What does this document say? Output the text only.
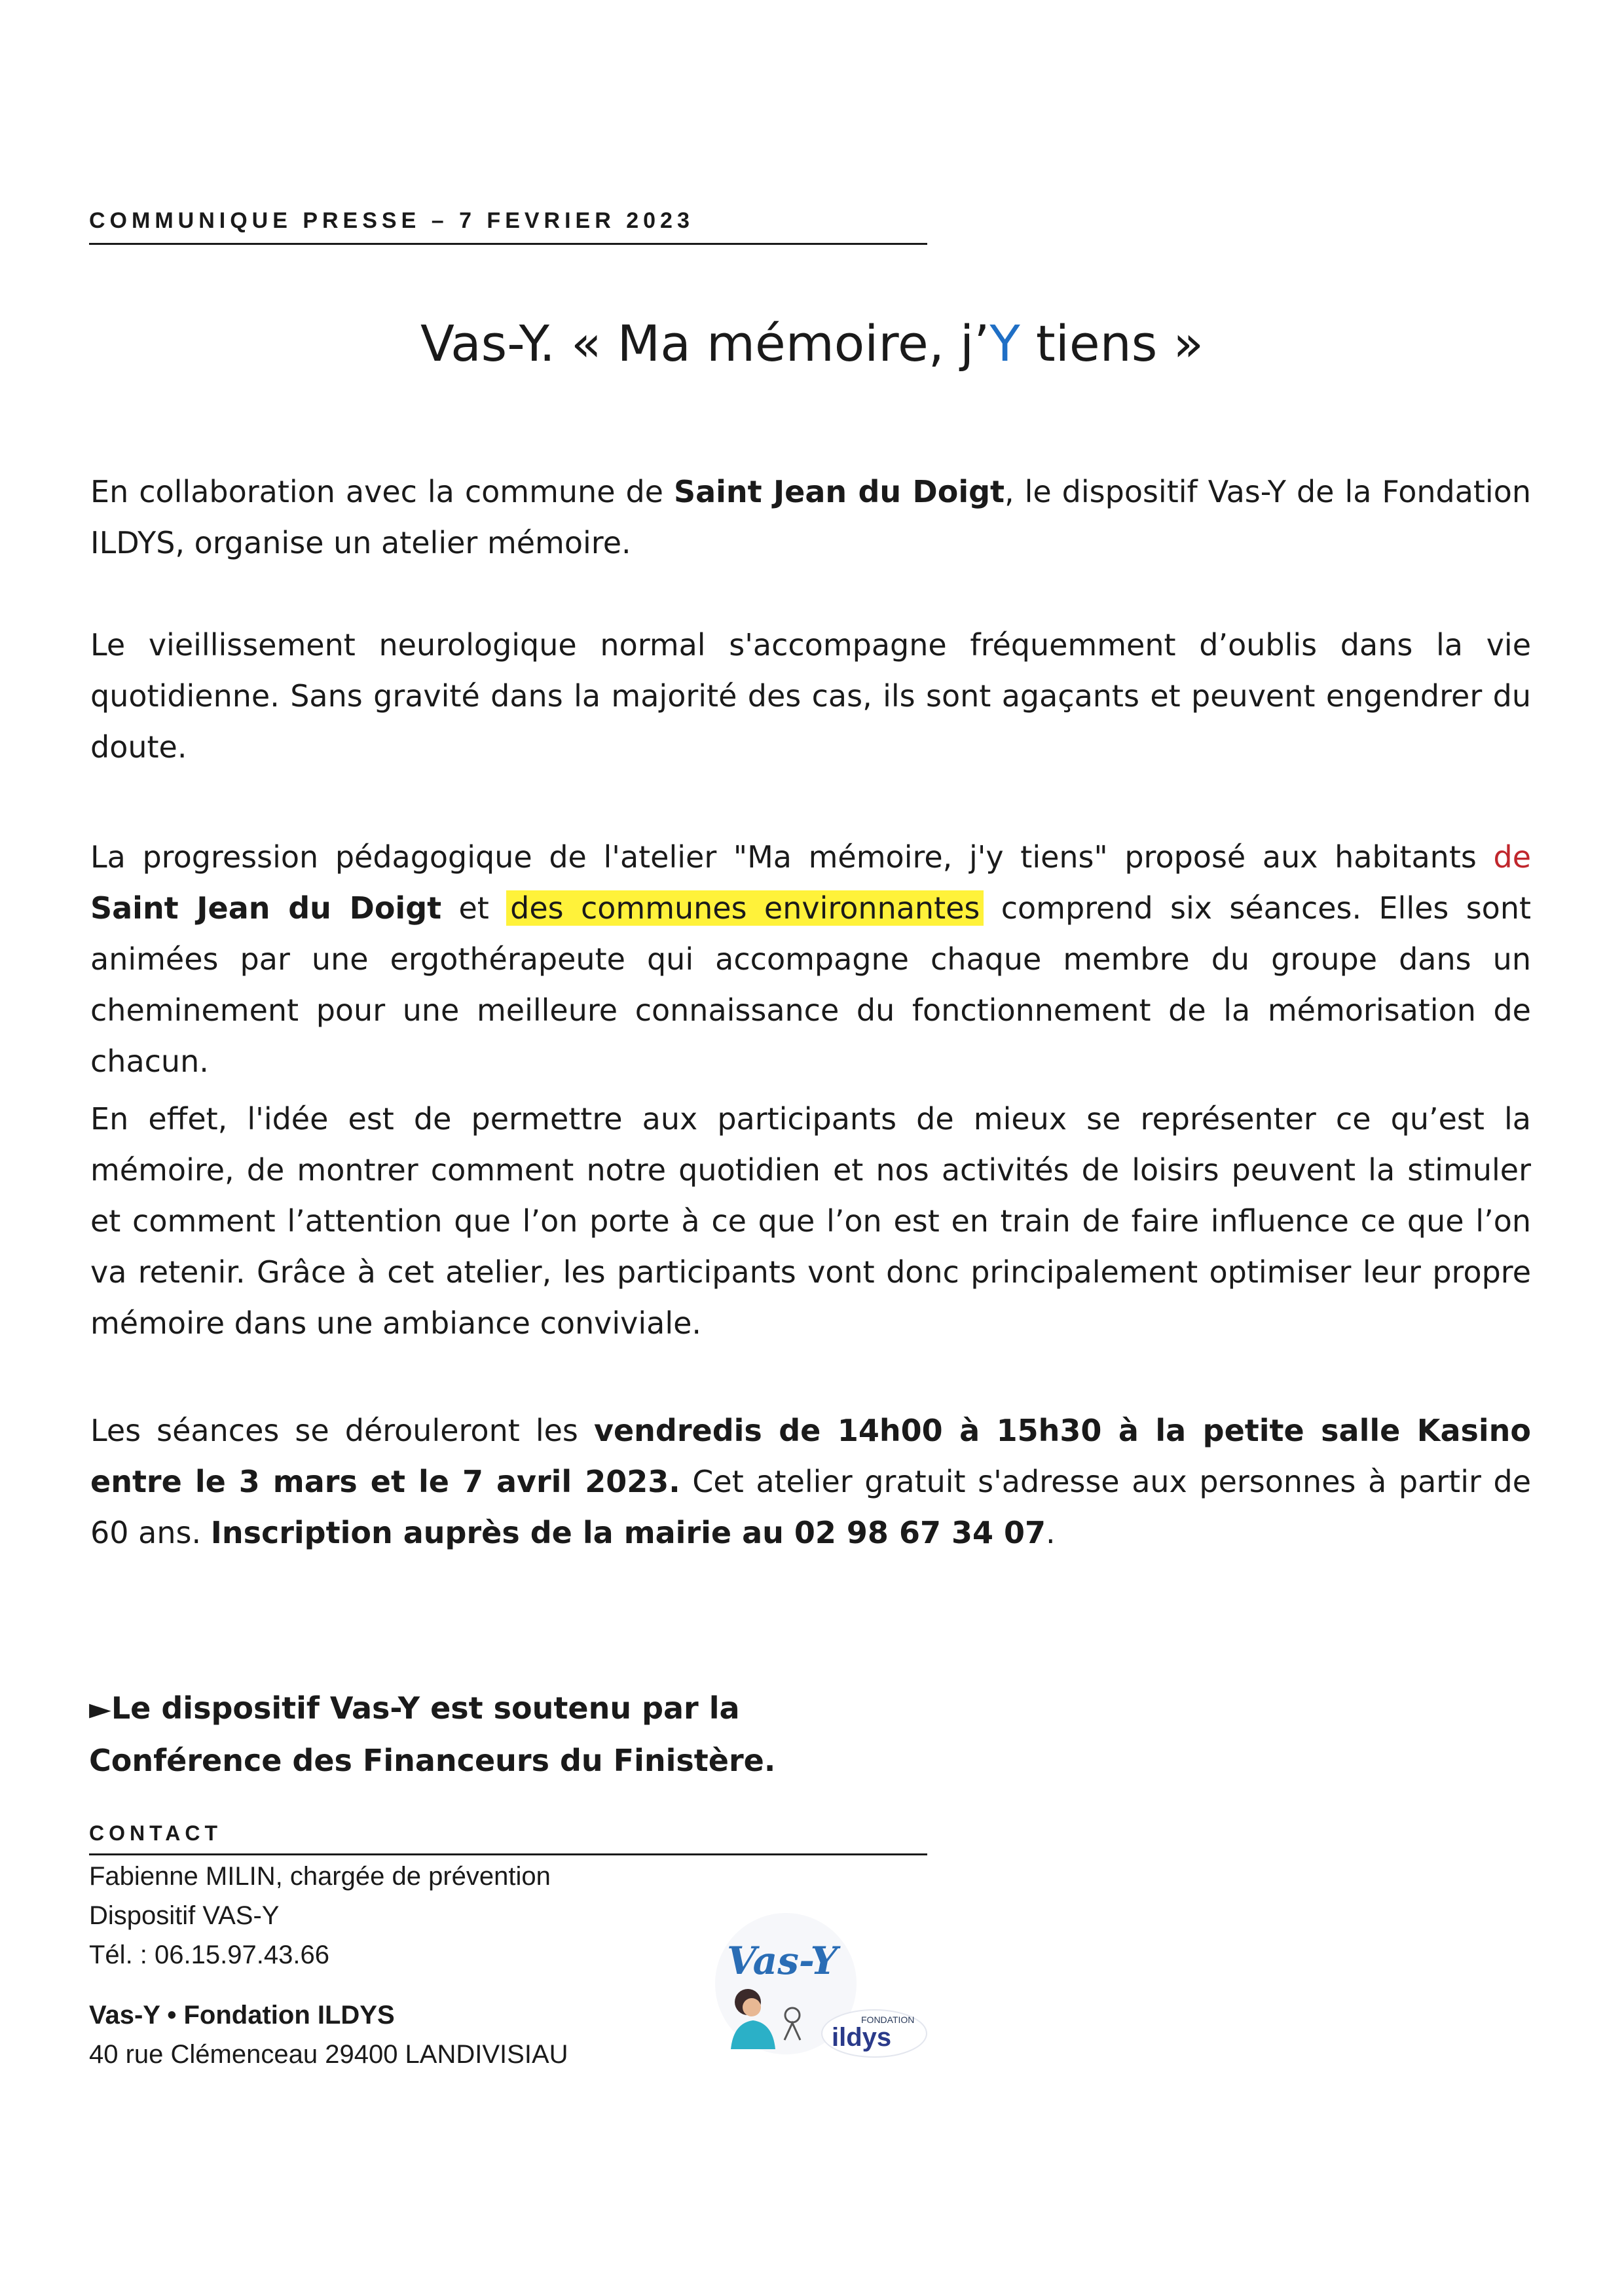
COMMUNIQUE PRESSE – 7 FEVRIER 2023
Vas-Y. « Ma mémoire, j’Y tiens »

En collaboration avec la commune de Saint Jean du Doigt, le dispositif Vas-Y de la Fondation ILDYS, organise un atelier mémoire.

Le vieillissement neurologique normal s'accompagne fréquemment d’oublis dans la vie quotidienne. Sans gravité dans la majorité des cas, ils sont agaçants et peuvent engendrer du doute.

La progression pédagogique de l'atelier "Ma mémoire, j'y tiens" proposé aux habitants de Saint Jean du Doigt et des communes environnantes comprend six séances. Elles sont animées par une ergothérapeute qui accompagne chaque membre du groupe dans un cheminement pour une meilleure connaissance du fonctionnement de la mémorisation de chacun.

En effet, l'idée est de permettre aux participants de mieux se représenter ce qu’est la mémoire, de montrer comment notre quotidien et nos activités de loisirs peuvent la stimuler et comment l’attention que l’on porte à ce que l’on est en train de faire influence ce que l’on va retenir. Grâce à cet atelier, les participants vont donc principalement optimiser leur propre mémoire dans une ambiance conviviale.

Les séances se dérouleront les vendredis de 14h00 à 15h30 à la petite salle Kasino entre le 3 mars et le 7 avril 2023. Cet atelier gratuit s'adresse aux personnes à partir de 60 ans. Inscription auprès de la mairie au 02 98 67 34 07.

►Le dispositif Vas-Y est soutenu par la Conférence des Financeurs du Finistère.
CONTACT
Fabienne MILIN, chargée de prévention
Dispositif VAS-Y
Tél. : 06.15.97.43.66
Vas-Y • Fondation ILDYS
40 rue Clémenceau 29400 LANDIVISIAU
Vas-Y
FONDATION
ildys
